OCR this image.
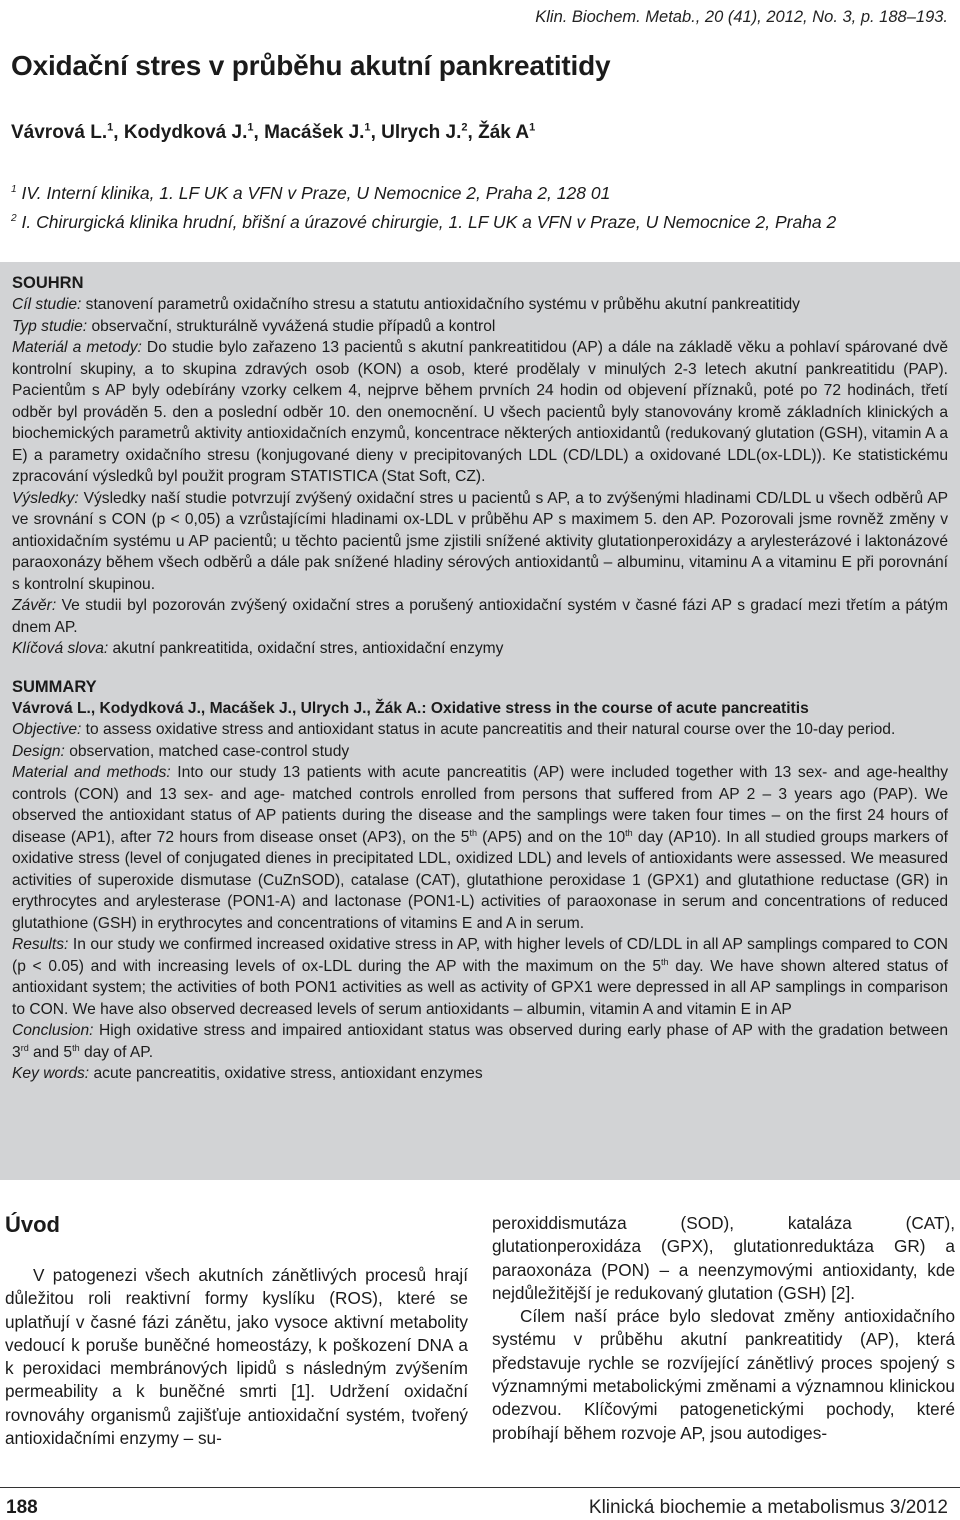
Klin. Biochem. Metab., 20 (41), 2012, No. 3, p. 188–193.
Oxidační stres v průběhu akutní pankreatitidy
Vávrová L.$^1$, Kodydková J.$^1$, Macášek J.$^1$, Ulrych J.$^2$, Žák $A^1$
$^1$ IV. Interní klinika, 1. LF UK a VFN v Praze, U Nemocnice 2, Praha 2, 128 01
$^2$ I. Chirurgická klinika hrudní, břišní a úrazové chirurgie, 1. LF UK a VFN v Praze, U Nemocnice 2, Praha 2
SOUHRN

Cíl studie: stanovení parametrů oxidačního stresu a statutu antioxidačního systému v průběhu akutní pankreatitidy

Typ studie: observační, strukturálně vyvážená studie případů a kontrol

Materiál a metody: Do studie bylo zařazeno 13 pacientů s akutní pankreatitidou (AP) a dále na základě věku a pohlaví spárované dvě kontrolní skupiny, a to skupina zdravých osob (KON) a osob, které prodělaly v minulých 2-3 letech akutní pankreatitidu (PAP). Pacientům s AP byly odebírány vzorky celkem 4, nejprve během prvních 24 hodin od objevení příznaků, poté po 72 hodinách, třetí odběr byl prováděn 5. den a poslední odběr 10. den onemocnění. U všech pacientů byly stanovovány kromě základních klinických a biochemických parametrů aktivity antioxidačních enzymů, koncentrace některých antioxidantů (redukovaný glutation (GSH), vitamin A a E) a parametry oxidačního stresu (konjugované dieny v precipitovaných LDL (CD/LDL) a oxidované LDL(ox-LDL)). Ke statistickému zpracování výsledků byl použit program STATISTICA (Stat Soft, CZ).

Výsledky: Výsledky naší studie potvrzují zvýšený oxidační stres u pacientů s AP, a to zvýšenými hladinami CD/LDL u všech odběrů AP ve srovnání s CON (p < 0,05) a vzrůstajícími hladinami ox-LDL v průběhu AP s maximem 5. den AP. Pozorovali jsme rovněž změny v antioxidačním systému u AP pacientů; u těchto pacientů jsme zjistili snížené aktivity glutationperoxidázy a arylesterázové i laktonázové paraoxonázy během všech odběrů a dále pak snížené hladiny sérových antioxidantů – albuminu, vitaminu A a vitaminu E při porovnání s kontrolní skupinou.

Závěr: Ve studii byl pozorován zvýšený oxidační stres a porušený antioxidační systém v časné fázi AP s gradací mezi třetím a pátým dnem AP.

Klíčová slova: akutní pankreatitida, oxidační stres, antioxidační enzymy

SUMMARY

Vávrová L., Kodydková J., Macášek J., Ulrych J., Žák A.: Oxidative stress in the course of acute pancreatitis

Objective: to assess oxidative stress and antioxidant status in acute pancreatitis and their natural course over the 10-day period.

Design: observation, matched case-control study

Material and methods: Into our study 13 patients with acute pancreatitis (AP) were included together with 13 sex- and age-healthy controls (CON) and 13 sex- and age- matched controls enrolled from persons that suffered from AP 2 – 3 years ago (PAP). We observed the antioxidant status of AP patients during the disease and the samplings were taken four times – on the first 24 hours of disease (AP1), after 72 hours from disease onset (AP3), on the 5th (AP5) and on the 10th day (AP10). In all studied groups markers of oxidative stress (level of conjugated dienes in precipitated LDL, oxidized LDL) and levels of antioxidants were assessed. We measured activities of superoxide dismutase (CuZnSOD), catalase (CAT), glutathione peroxidase 1 (GPX1) and glutathione reductase (GR) in erythrocytes and arylesterase (PON1-A) and lactonase (PON1-L) activities of paraoxonase in serum and concentrations of reduced glutathione (GSH) in erythrocytes and concentrations of vitamins E and A in serum.

Results: In our study we confirmed increased oxidative stress in AP, with higher levels of CD/LDL in all AP samplings compared to CON (p < 0.05) and with increasing levels of ox-LDL during the AP with the maximum on the 5th day. We have shown altered status of antioxidant system; the activities of both PON1 activities as well as activity of GPX1 were depressed in all AP samplings in comparison to CON. We have also observed decreased levels of serum antioxidants – albumin, vitamin A and vitamin E in AP

Conclusion: High oxidative stress and impaired antioxidant status was observed during early phase of AP with the gradation between 3rd and 5th day of AP.

Key words: acute pancreatitis, oxidative stress, antioxidant enzymes

Úvod

V patogenezi všech akutních zánětlivých procesů hrají důležitou roli reaktivní formy kyslíku (ROS), které se uplatňují v časné fázi zánětu, jako vysoce aktivní metabolity vedoucí k poruše buněčné homeostázy, k poškození DNA a k peroxidaci membránových lipidů s následným zvýšením permeability a k buněčné smrti [1]. Udržení oxidační rovnováhy organismů zajišťuje antioxidační systém, tvořený antioxidačními enzymy – su-

peroxiddismutáza (SOD), kataláza (CAT), glutationperoxidáza (GPX), glutationreduktáza GR) a paraoxonáza (PON) – a neenzymovými antioxidanty, kde nejdůležitější je redukovaný glutation (GSH) [2].

Cílem naší práce bylo sledovat změny antioxidačního systému v průběhu akutní pankreatitidy (AP), která představuje rychle se rozvíjející zánětlivý proces spojený s významnými metabolickými změnami a významnou klinickou odezvou. Klíčovými patogenetickými pochody, které probíhají během rozvoje AP, jsou autodiges-

188	Klinická biochemie a metabolismus 3/2012
